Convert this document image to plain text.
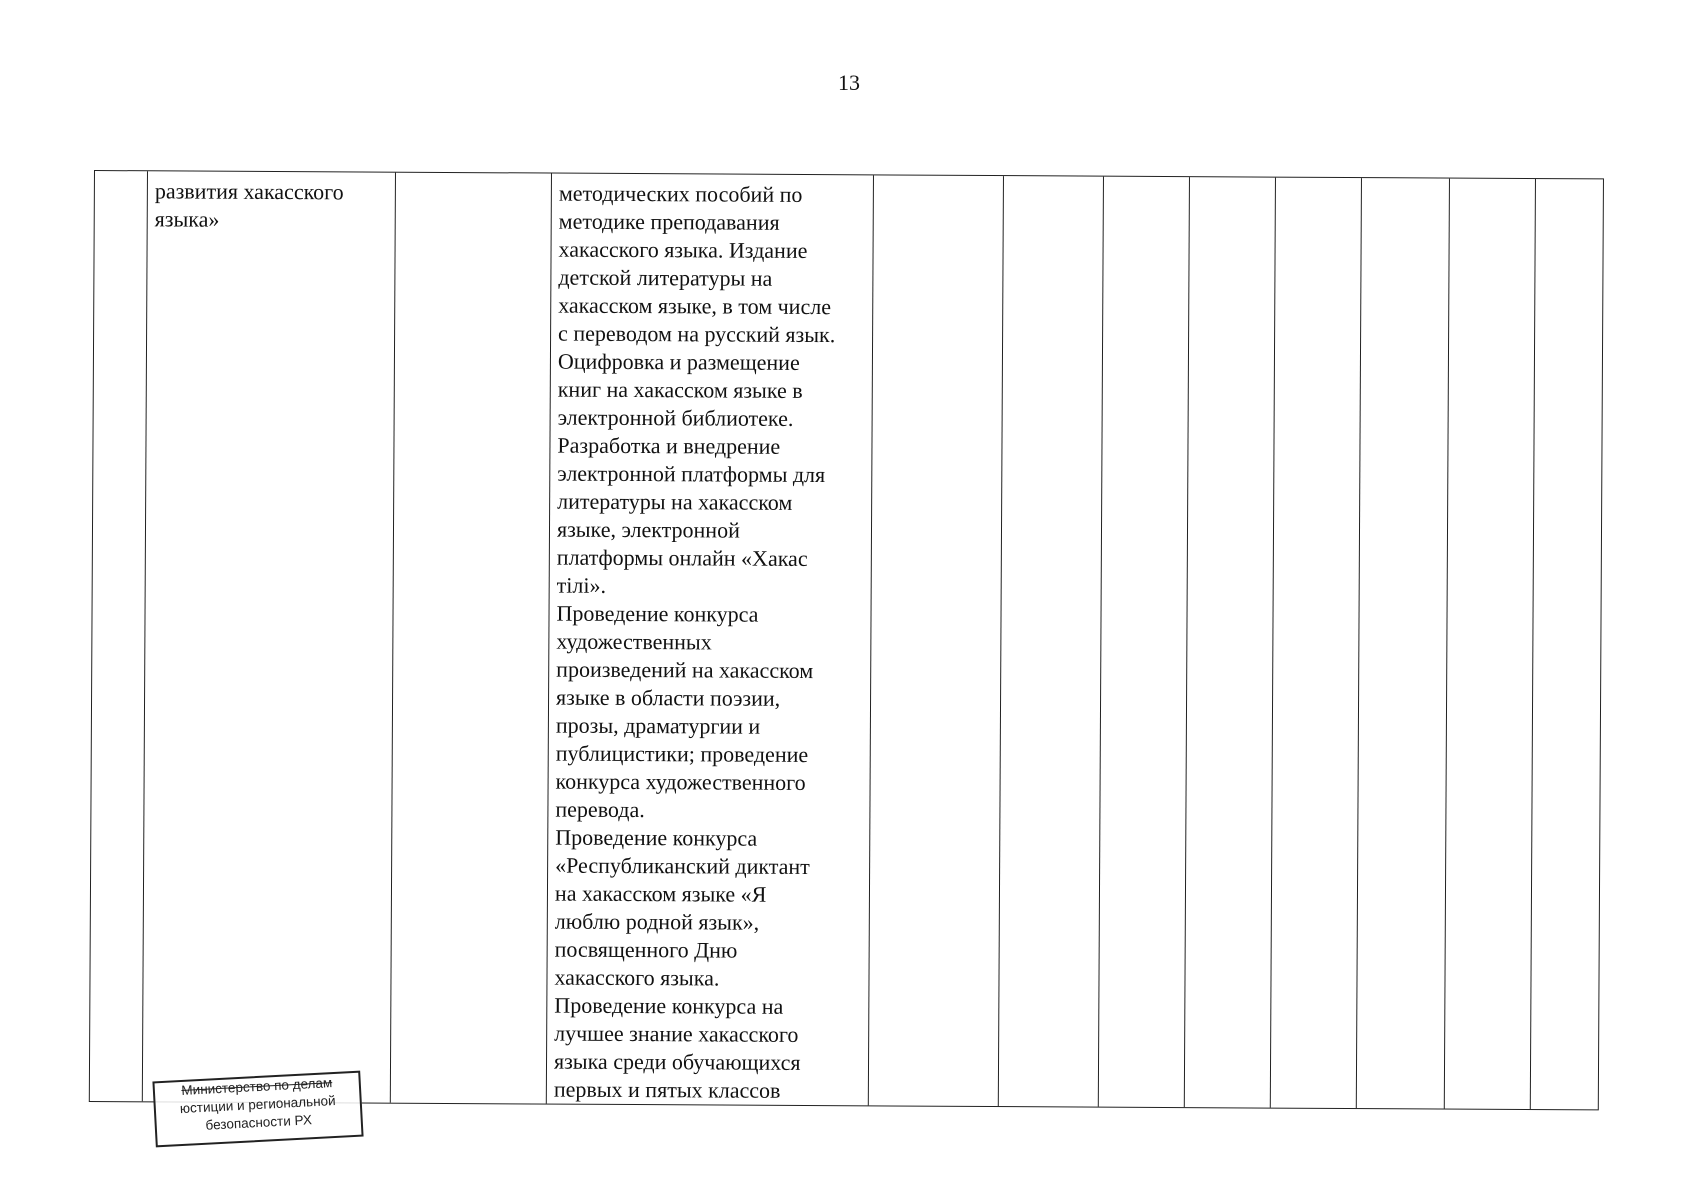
13
развития хакасского
языка»
методических пособий по
методике преподавания
хакасского языка. Издание
детской литературы на
хакасском языке, в том числе
с переводом на русский язык.
Оцифровка и размещение
книг на хакасском языке в
электронной библиотеке.
Разработка и внедрение
электронной платформы для
литературы на хакасском
языке, электронной
платформы онлайн «Хакас
тілі».
Проведение конкурса
художественных
произведений на хакасском
языке в области поэзии,
прозы, драматургии и
публицистики; проведение
конкурса художественного
перевода.
Проведение конкурса
«Республиканский диктант
на хакасском языке «Я
люблю родной язык»,
посвященного Дню
хакасского языка.
Проведение конкурса на
лучшее знание хакасского
языка среди обучающихся
первых и пятых классов
Министерство по делам
юстиции и региональной
безопасности РХ
